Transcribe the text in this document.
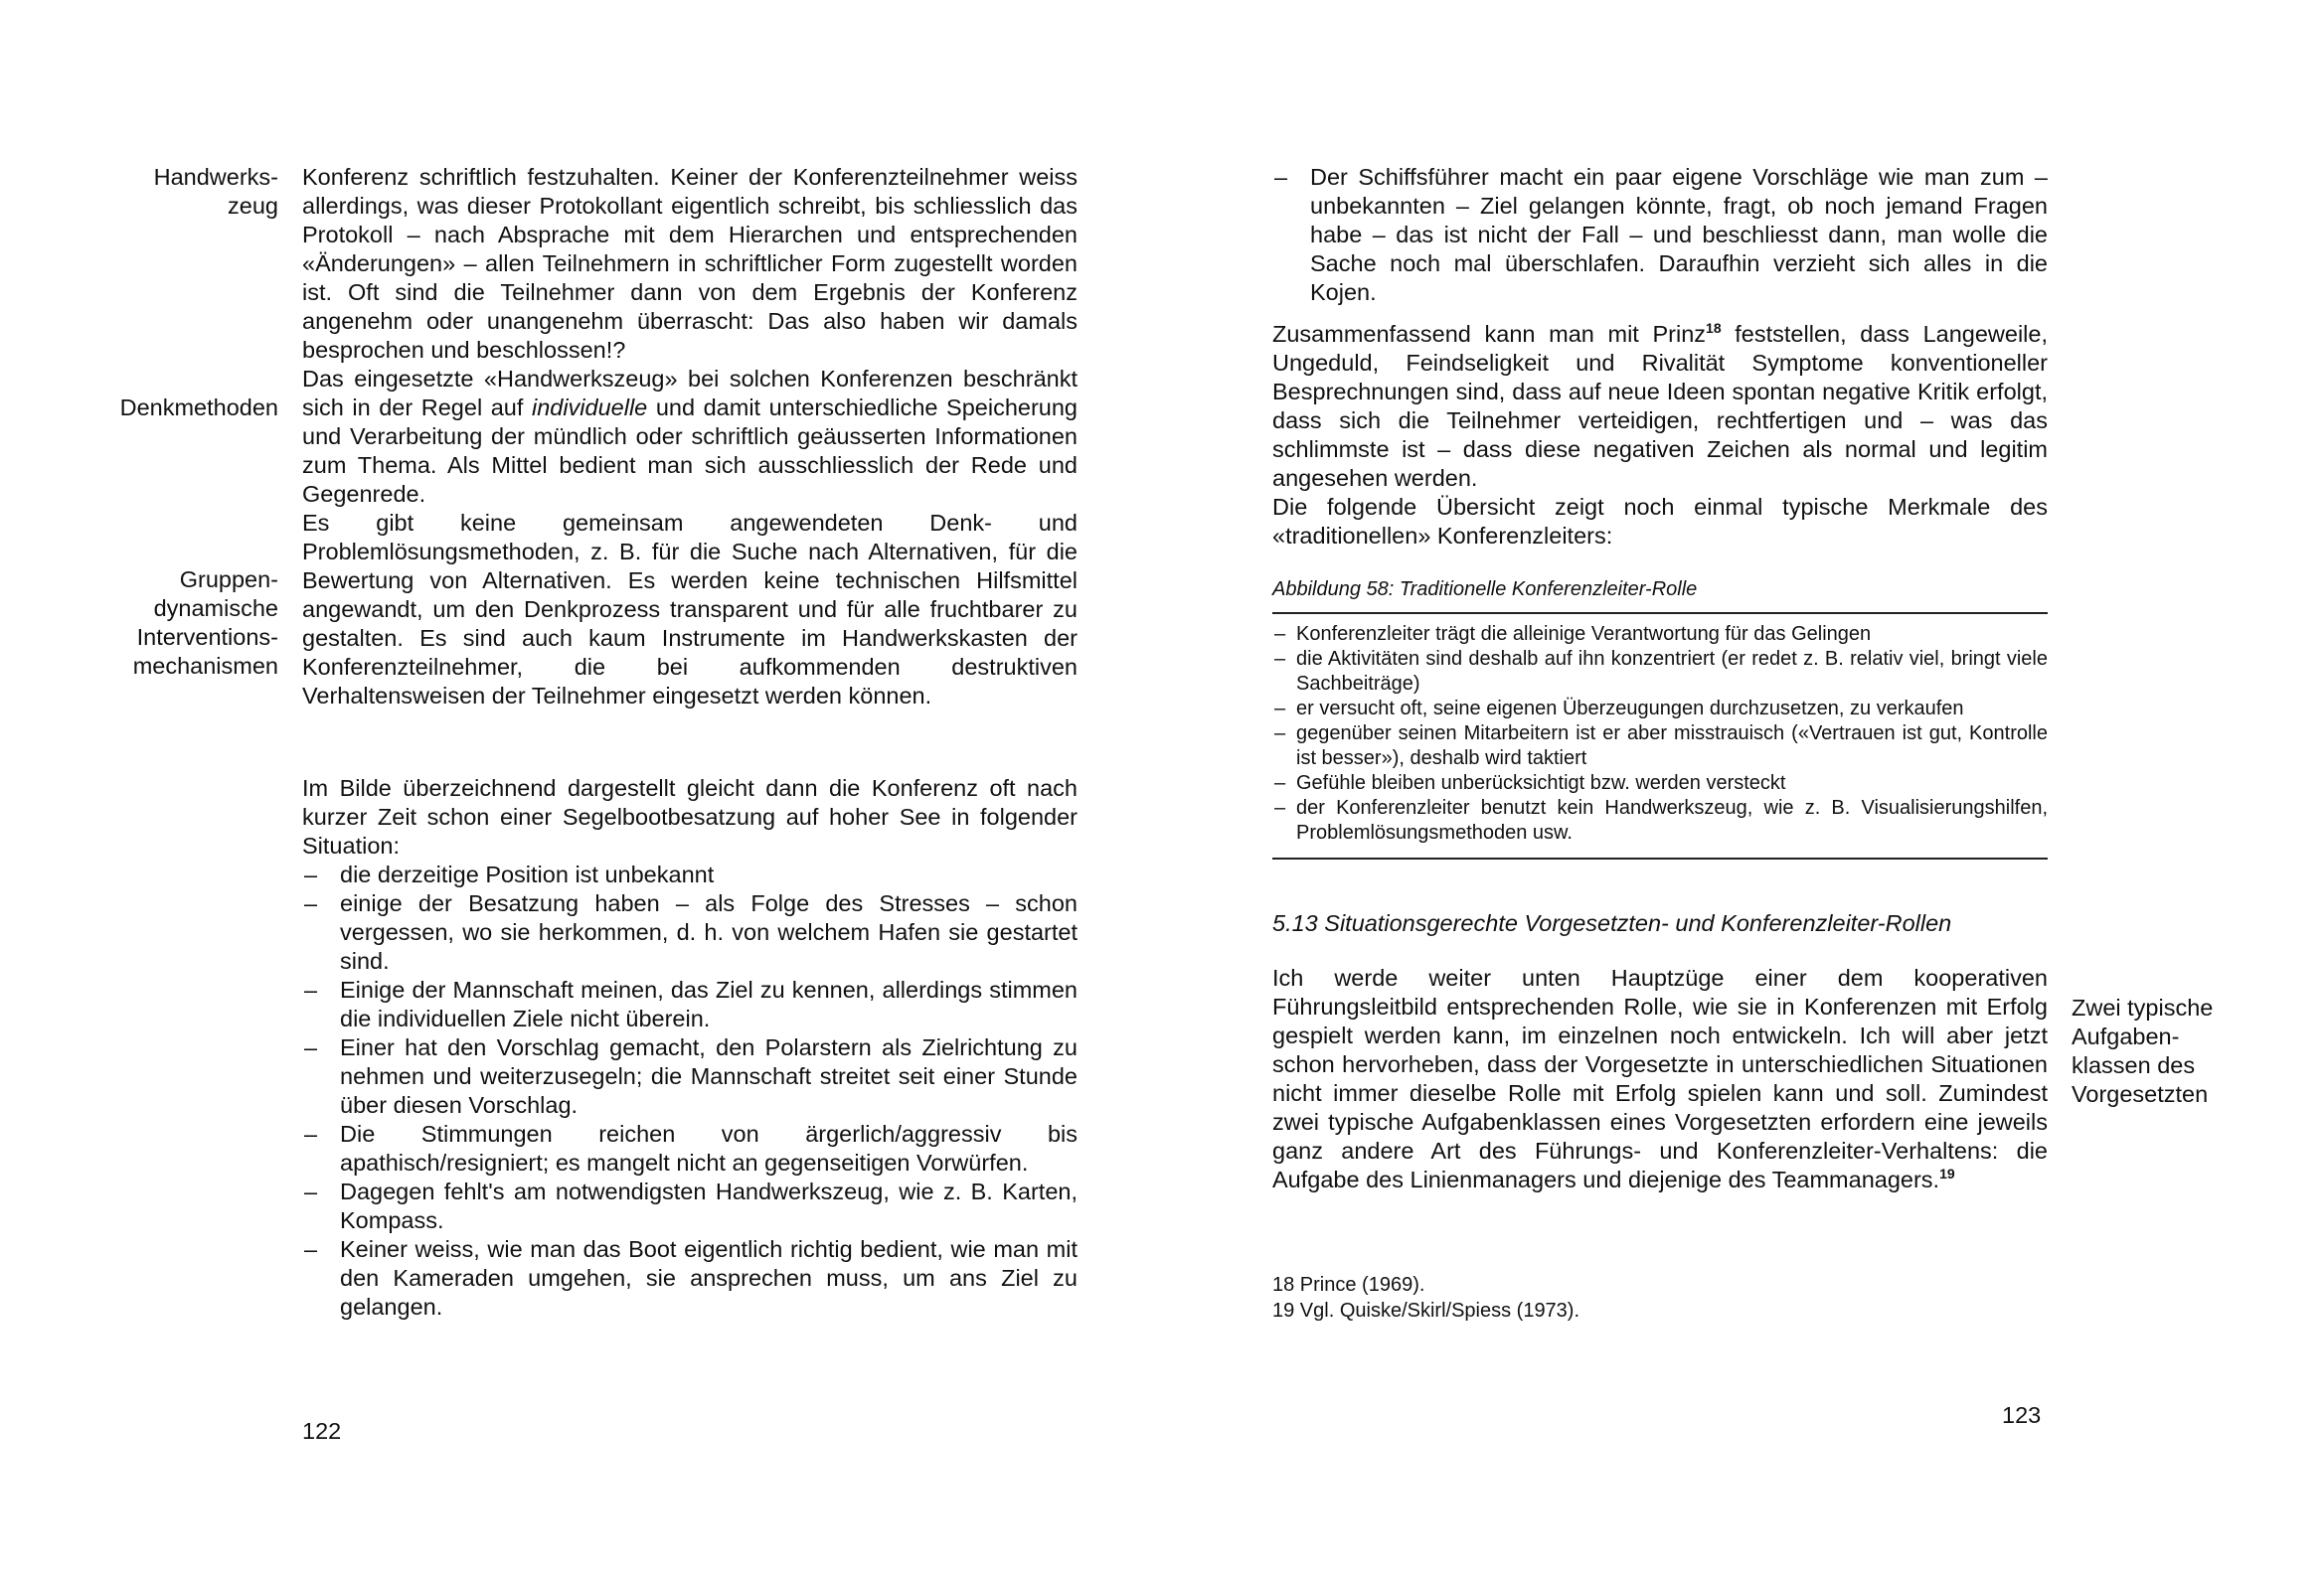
Handwerks-
zeug
Denkmethoden
Gruppen-
dynamische
Interventions-
mechanismen

Konferenz schriftlich festzuhalten. Keiner der Konferenzteilnehmer weiss allerdings, was dieser Protokollant eigentlich schreibt, bis schliesslich das Protokoll – nach Absprache mit dem Hierarchen und entsprechenden «Änderungen» – allen Teilnehmern in schriftlicher Form zugestellt worden ist. Oft sind die Teilnehmer dann von dem Ergebnis der Konferenz angenehm oder unangenehm überrascht: Das also haben wir damals besprochen und beschlossen!?

Das eingesetzte «Handwerkszeug» bei solchen Konferenzen beschränkt sich in der Regel auf individuelle und damit unterschiedliche Speicherung und Verarbeitung der mündlich oder schriftlich geäusserten Informationen zum Thema. Als Mittel bedient man sich ausschliesslich der Rede und Gegenrede.

Es gibt keine gemeinsam angewendeten Denk- und Problemlösungsmethoden, z. B. für die Suche nach Alternativen, für die Bewertung von Alternativen. Es werden keine technischen Hilfsmittel angewandt, um den Denkprozess transparent und für alle fruchtbarer zu gestalten. Es sind auch kaum Instrumente im Handwerkskasten der Konferenzteilnehmer, die bei aufkommenden destruktiven Verhaltensweisen der Teilnehmer eingesetzt werden können.

Im Bilde überzeichnend dargestellt gleicht dann die Konferenz oft nach kurzer Zeit schon einer Segelbootbesatzung auf hoher See in folgender Situation:

– die derzeitige Position ist unbekannt
– einige der Besatzung haben – als Folge des Stresses – schon vergessen, wo sie herkommen, d. h. von welchem Hafen sie gestartet sind.
– Einige der Mannschaft meinen, das Ziel zu kennen, allerdings stimmen die individuellen Ziele nicht überein.
– Einer hat den Vorschlag gemacht, den Polarstern als Zielrichtung zu nehmen und weiterzusegeln; die Mannschaft streitet seit einer Stunde über diesen Vorschlag.
– Die Stimmungen reichen von ärgerlich/aggressiv bis apathisch/resigniert; es mangelt nicht an gegenseitigen Vorwürfen.
– Dagegen fehlt's am notwendigsten Handwerkszeug, wie z. B. Karten, Kompass.
– Keiner weiss, wie man das Boot eigentlich richtig bedient, wie man mit den Kameraden umgehen, sie ansprechen muss, um ans Ziel zu gelangen.
122
– Der Schiffsführer macht ein paar eigene Vorschläge wie man zum – unbekannten – Ziel gelangen könnte, fragt, ob noch jemand Fragen habe – das ist nicht der Fall – und beschliesst dann, man wolle die Sache noch mal überschlafen. Daraufhin verzieht sich alles in die Kojen.

Zusammenfassend kann man mit Prinz$^{18}$ feststellen, dass Langeweile, Ungeduld, Feindseligkeit und Rivalität Symptome konventioneller Besprechnungen sind, dass auf neue Ideen spontan negative Kritik erfolgt, dass sich die Teilnehmer verteidigen, rechtfertigen und – was das schlimmste ist – dass diese negativen Zeichen als normal und legitim angesehen werden.

Die folgende Übersicht zeigt noch einmal typische Merkmale des «traditionellen» Konferenzleiters:

Abbildung 58: Traditionelle Konferenzleiter-Rolle
– Konferenzleiter trägt die alleinige Verantwortung für das Gelingen
– die Aktivitäten sind deshalb auf ihn konzentriert (er redet z. B. relativ viel, bringt viele Sachbeiträge)
– er versucht oft, seine eigenen Überzeugungen durchzusetzen, zu verkaufen
– gegenüber seinen Mitarbeitern ist er aber misstrauisch («Vertrauen ist gut, Kontrolle ist besser»), deshalb wird taktiert
– Gefühle bleiben unberücksichtigt bzw. werden versteckt
– der Konferenzleiter benutzt kein Handwerkszeug, wie z. B. Visualisierungshilfen, Problemlösungsmethoden usw.
5.13 Situationsgerechte Vorgesetzten- und Konferenzleiter-Rollen

Ich werde weiter unten Hauptzüge einer dem kooperativen Führungsleitbild entsprechenden Rolle, wie sie in Konferenzen mit Erfolg gespielt werden kann, im einzelnen noch entwickeln. Ich will aber jetzt schon hervorheben, dass der Vorgesetzte in unterschiedlichen Situationen nicht immer dieselbe Rolle mit Erfolg spielen kann und soll. Zumindest zwei typische Aufgabenklassen eines Vorgesetzten erfordern eine jeweils ganz andere Art des Führungs- und Konferenzleiter-Verhaltens: die Aufgabe des Linienmanagers und diejenige des Teammanagers.$^{19}$

18 Prince (1969).
19 Vgl. Quiske/Skirl/Spiess (1973).
Zwei typische
Aufgaben-
klassen des
Vorgesetzten
123
